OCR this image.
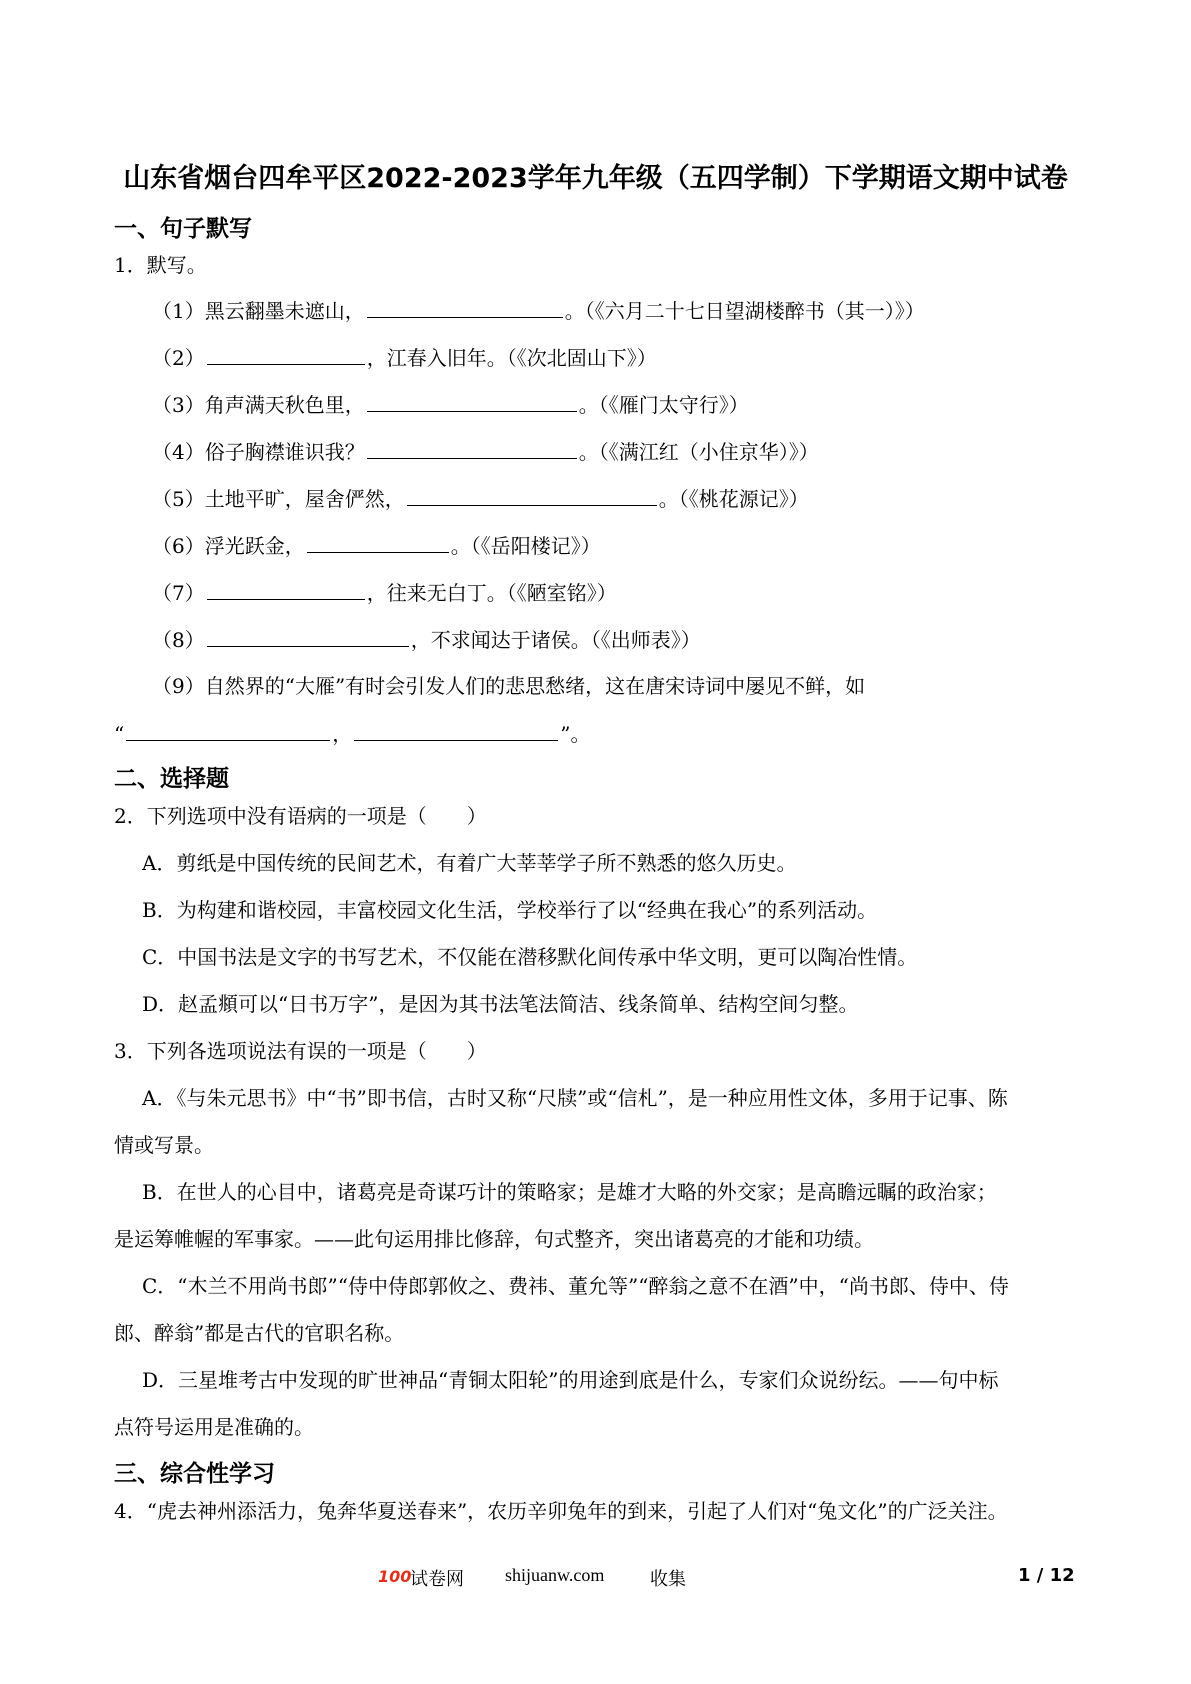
山东省烟台四牟平区2022-2023学年九年级（五四学制）下学期语文期中试卷
一、句子默写
1．默写。
（1）黑云翻墨未遮山，	。（《六月二十七日望湖楼醉书（其一）》）
（2）	，江春入旧年。（《次北固山下》）
（3）角声满天秋色里，	。（《雁门太守行》）
（4）俗子胸襟谁识我？	。（《满江红（小住京华）》）
（5）土地平旷，屋舍俨然，	。（《桃花源记》）
（6）浮光跃金，	。（《岳阳楼记》）
（7）	，往来无白丁。（《陋室铭》）
（8）	，不求闻达于诸侯。（《出师表》）
（9）自然界的“大雁”有时会引发人们的悲思愁绪，这在唐宋诗词中屡见不鲜，如
“	，	”。
二、选择题
2．下列选项中没有语病的一项是（　　）
A．剪纸是中国传统的民间艺术，有着广大莘莘学子所不熟悉的悠久历史。
B．为构建和谐校园，丰富校园文化生活，学校举行了以“经典在我心”的系列活动。
C．中国书法是文字的书写艺术，不仅能在潜移默化间传承中华文明，更可以陶冶性情。
D．赵孟頫可以“日书万字”，是因为其书法笔法简洁、线条简单、结构空间匀整。
3．下列各选项说法有误的一项是（　　）
A．《与朱元思书》中“书”即书信，古时又称“尺牍”或“信札”，是一种应用性文体，多用于记事、陈
情或写景。
B．在世人的心目中，诸葛亮是奇谋巧计的策略家；是雄才大略的外交家；是高瞻远瞩的政治家；
是运筹帷幄的军事家。——此句运用排比修辞，句式整齐，突出诸葛亮的才能和功绩。
C．“木兰不用尚书郎”“侍中侍郎郭攸之、费祎、董允等”“醉翁之意不在酒”中，“尚书郎、侍中、侍
郎、醉翁”都是古代的官职名称。
D．三星堆考古中发现的旷世神品“青铜太阳轮”的用途到底是什么，专家们众说纷纭。——句中标
点符号运用是准确的。
三、综合性学习
4．“虎去神州添活力，兔奔华夏送春来”，农历辛卯兔年的到来，引起了人们对“兔文化”的广泛关注。
100
试卷网 shijuanw.com	收集	1 / 12
